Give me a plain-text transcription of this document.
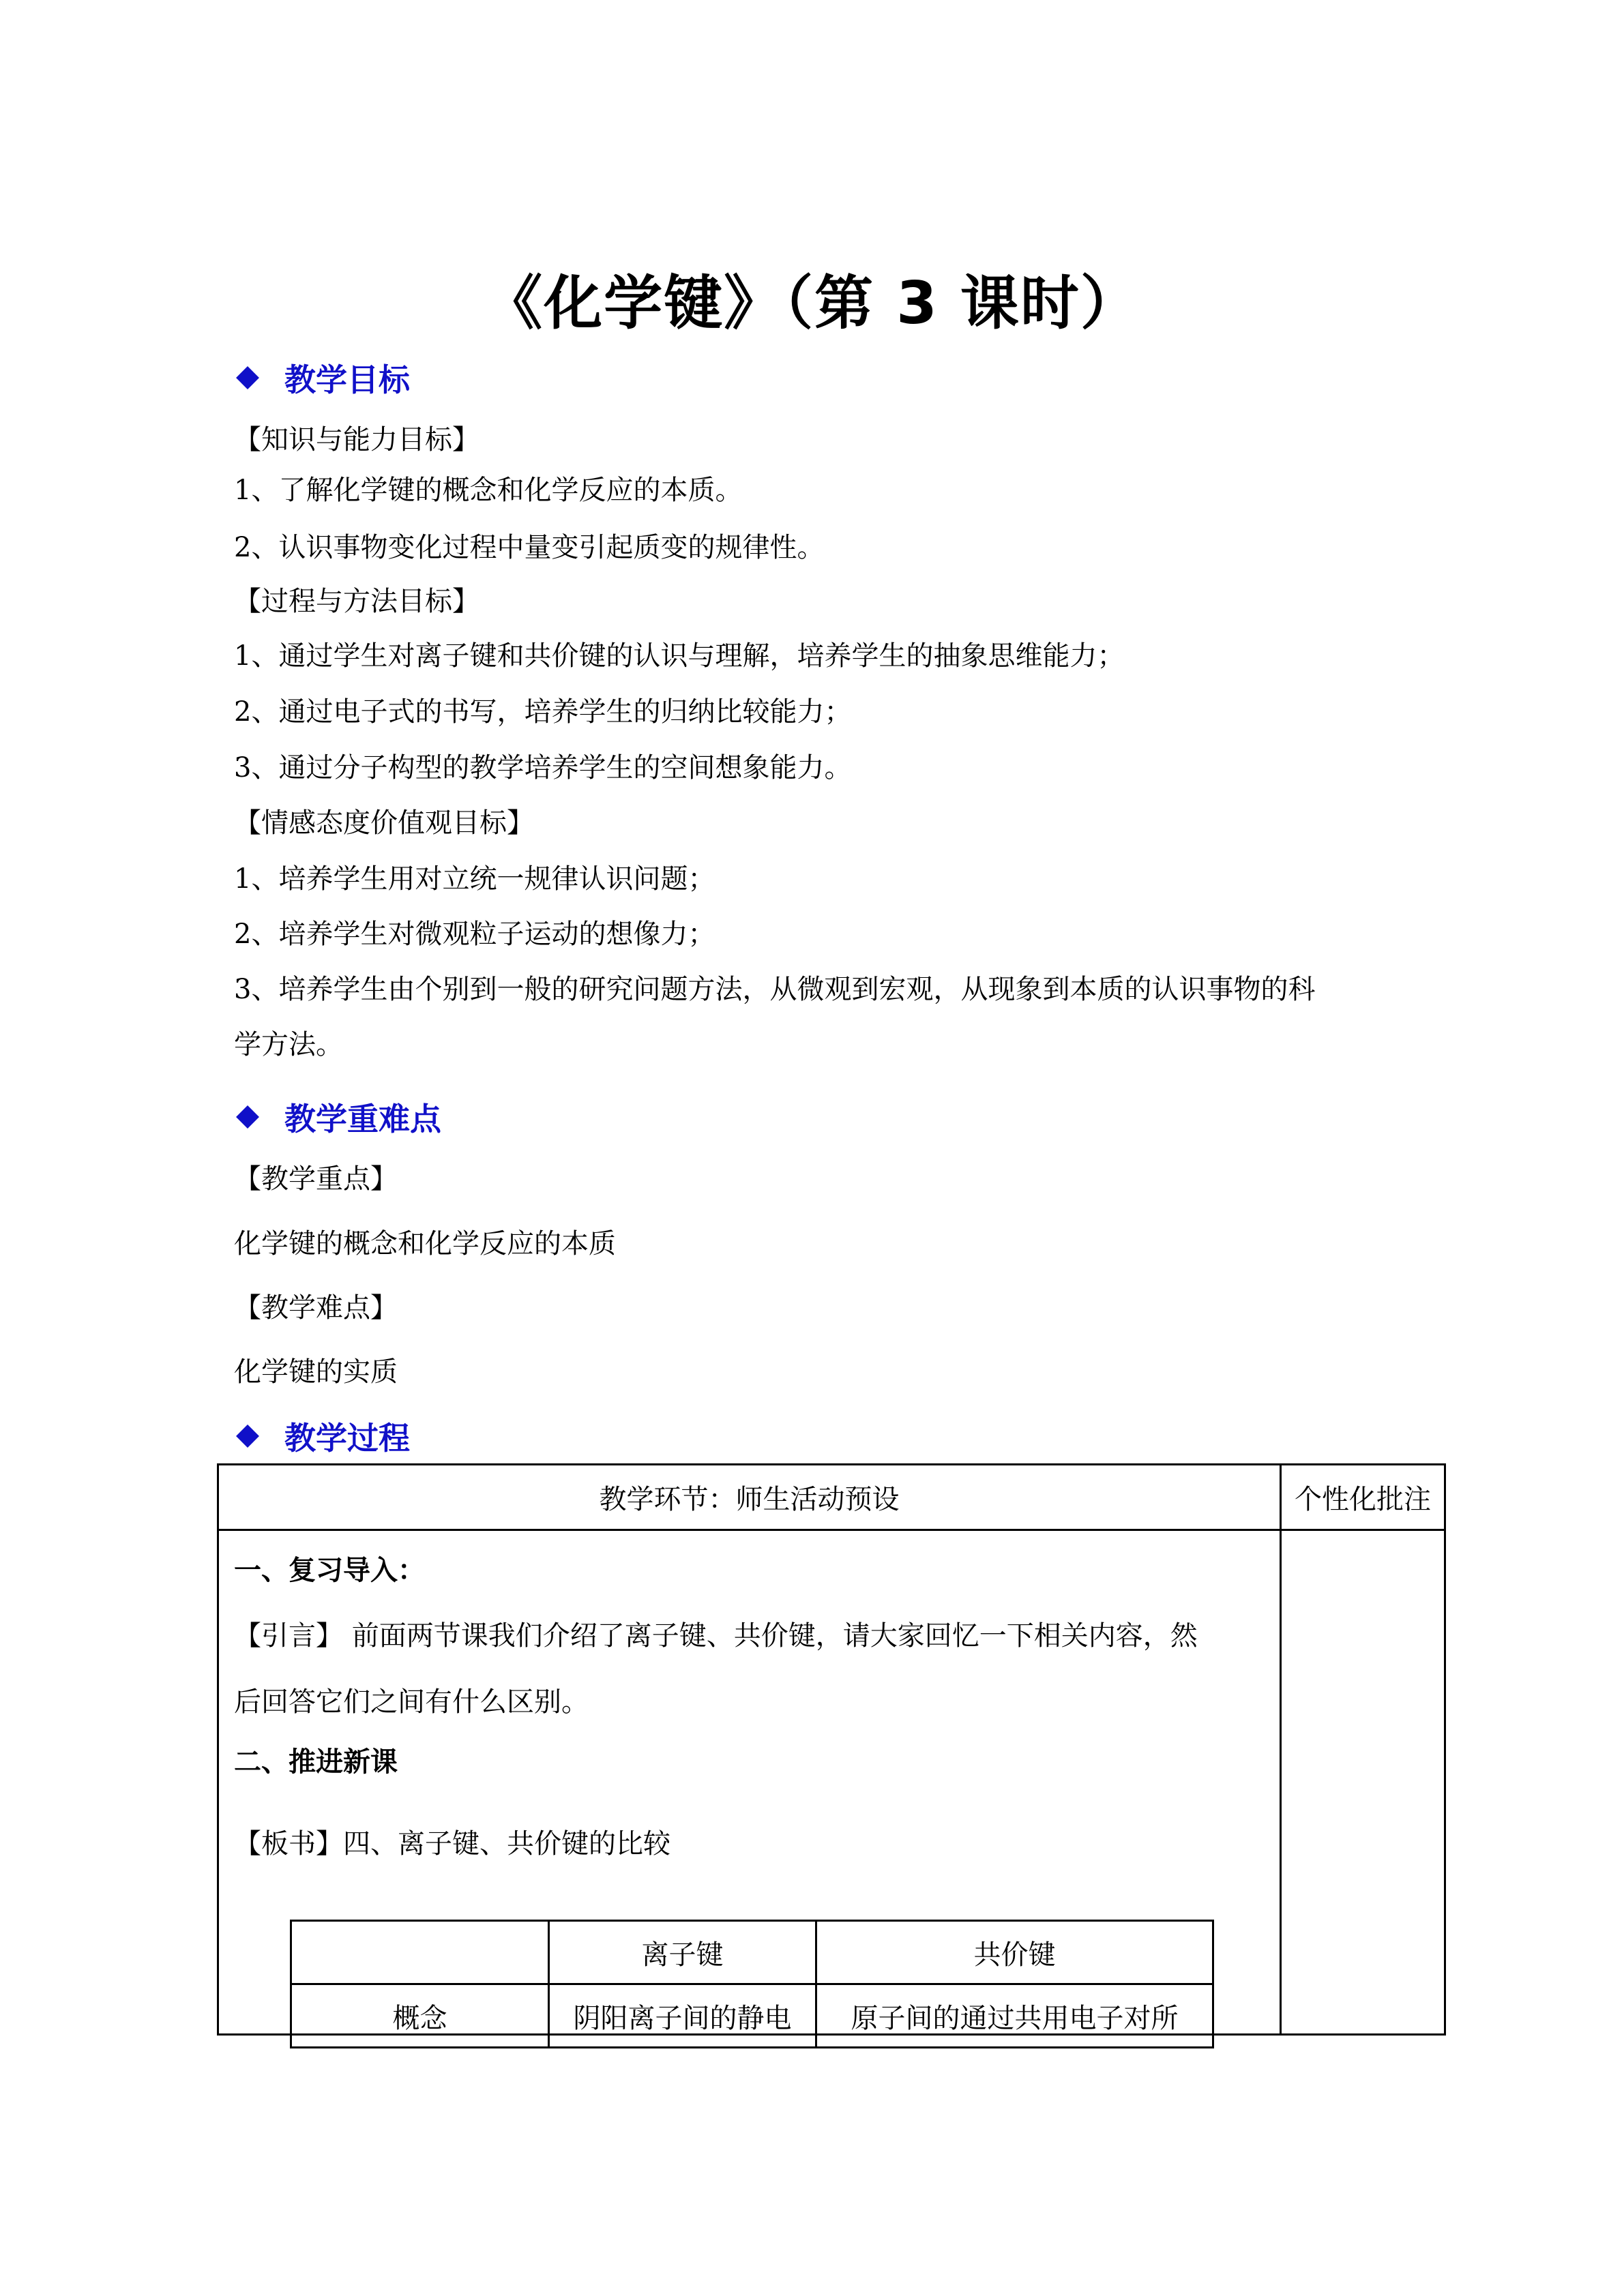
《化学键》（第 3 课时）
教学目标
【知识与能力目标】
1、了解化学键的概念和化学反应的本质。
2、认识事物变化过程中量变引起质变的规律性。
【过程与方法目标】
1、通过学生对离子键和共价键的认识与理解，培养学生的抽象思维能力；
2、通过电子式的书写，培养学生的归纳比较能力；
3、通过分子构型的教学培养学生的空间想象能力。
【情感态度价值观目标】
1、培养学生用对立统一规律认识问题；
2、培养学生对微观粒子运动的想像力；
3、培养学生由个别到一般的研究问题方法，从微观到宏观，从现象到本质的认识事物的科
学方法。
教学重难点
【教学重点】
化学键的概念和化学反应的本质
【教学难点】
化学键的实质
教学过程
教学环节：师生活动预设	个性化批注
一、复习导入：
【引言】 前面两节课我们介绍了离子键、共价键，请大家回忆一下相关内容，然
后回答它们之间有什么区别。
二、推进新课
【板书】四、离子键、共价键的比较
	离子键	共价键
概念	阴阳离子间的静电	原子间的通过共用电子对所
